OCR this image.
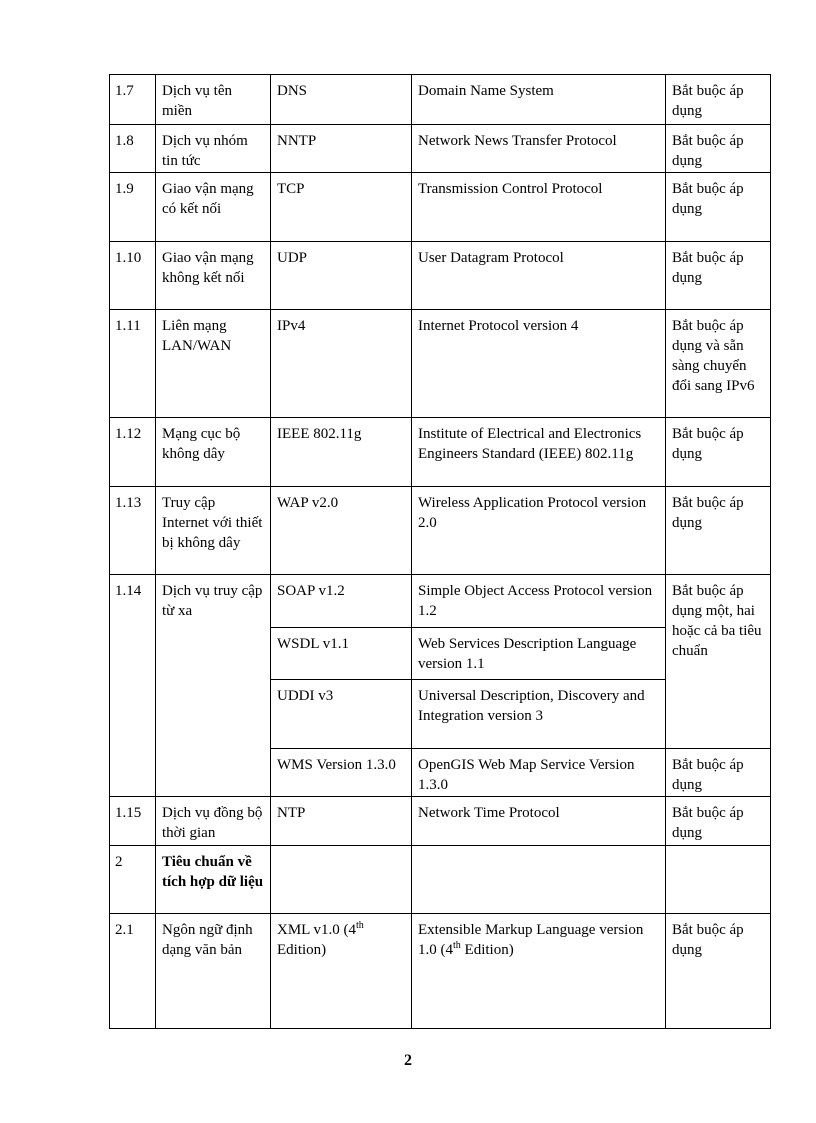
1.7	Dịch vụ tên miền	DNS	Domain Name System	Bắt buộc áp dụng
1.8	Dịch vụ nhóm tin tức	NNTP	Network News Transfer Protocol	Bắt buộc áp dụng
1.9	Giao vận mạng có kết nối	TCP	Transmission Control Protocol	Bắt buộc áp dụng
1.10	Giao vận mạng không kết nối	UDP	User Datagram Protocol	Bắt buộc áp dụng
1.11	Liên mạng LAN/WAN	IPv4	Internet Protocol version 4	Bắt buộc áp dụng và sẵn sàng chuyển đổi sang IPv6
1.12	Mạng cục bộ không dây	IEEE 802.11g	Institute of Electrical and Electronics Engineers Standard (IEEE) 802.11g	Bắt buộc áp dụng
1.13	Truy cập Internet với thiết bị không dây	WAP v2.0	Wireless Application Protocol version 2.0	Bắt buộc áp dụng
1.14	Dịch vụ truy cập từ xa	SOAP v1.2	Simple Object Access Protocol version 1.2	Bắt buộc áp dụng một, hai hoặc cả ba tiêu chuẩn
		WSDL v1.1	Web Services Description Language version 1.1	
		UDDI v3	Universal Description, Discovery and Integration version 3	
		WMS Version 1.3.0	OpenGIS Web Map Service Version 1.3.0	Bắt buộc áp dụng
1.15	Dịch vụ đồng bộ thời gian	NTP	Network Time Protocol	Bắt buộc áp dụng
2	Tiêu chuẩn về tích hợp dữ liệu			
2.1	Ngôn ngữ định dạng văn bản	XML v1.0 (4th Edition)	Extensible Markup Language version 1.0 (4th Edition)	Bắt buộc áp dụng
2
